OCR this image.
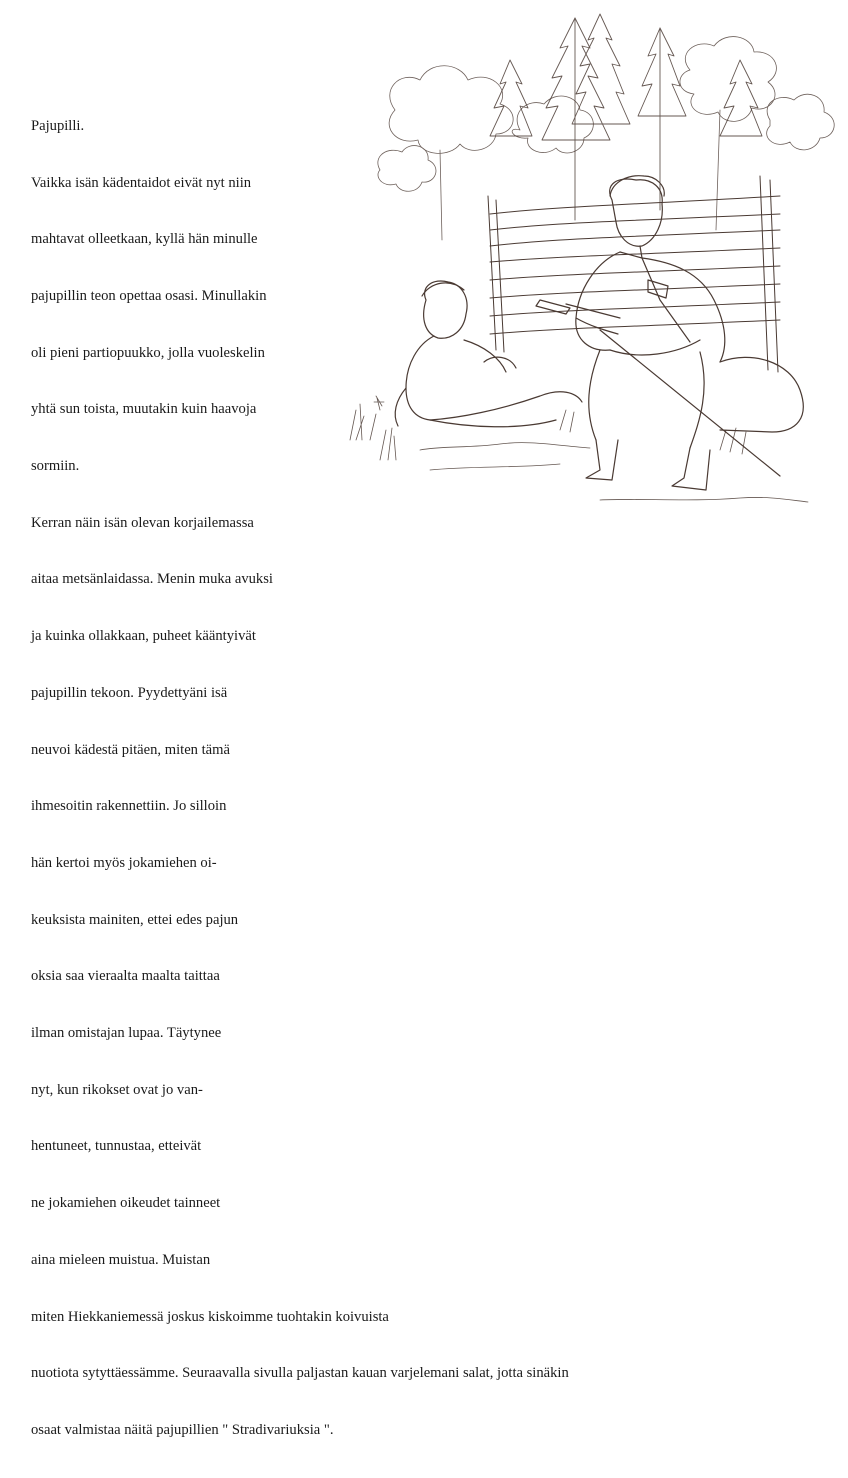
Pajupilli.

Vaikka isän kädentaidot eivät nyt niin

mahtavat olleetkaan, kyllä hän minulle

pajupillin teon opettaa osasi. Minullakin

oli pieni partiopuukko, jolla vuoleskelin

yhtä sun toista, muutakin kuin haavoja

sormiin.

Kerran näin isän olevan korjailemassa

aitaa metsänlaidassa. Menin muka avuksi

ja kuinka ollakkaan, puheet kääntyivät

pajupillin tekoon. Pyydettyäni isä

neuvoi kädestä pitäen, miten tämä

ihmesoitin rakennettiin. Jo silloin

hän kertoi myös jokamiehen oi-

keuksista mainiten, ettei edes pajun

oksia saa vieraalta maalta taittaa

ilman omistajan lupaa. Täytynee

nyt, kun rikokset ovat jo van-

hentuneet, tunnustaa, etteivät

ne jokamiehen oikeudet tainneet

aina mieleen muistua. Muistan

miten Hiekkaniemessä joskus kiskoimme tuohtakin koivuista

nuotiota sytyttäessämme. Seuraavalla sivulla paljastan kauan varjelemani salat, jotta sinäkin

osaat valmistaa näitä pajupillien " Stradivariuksia ".
